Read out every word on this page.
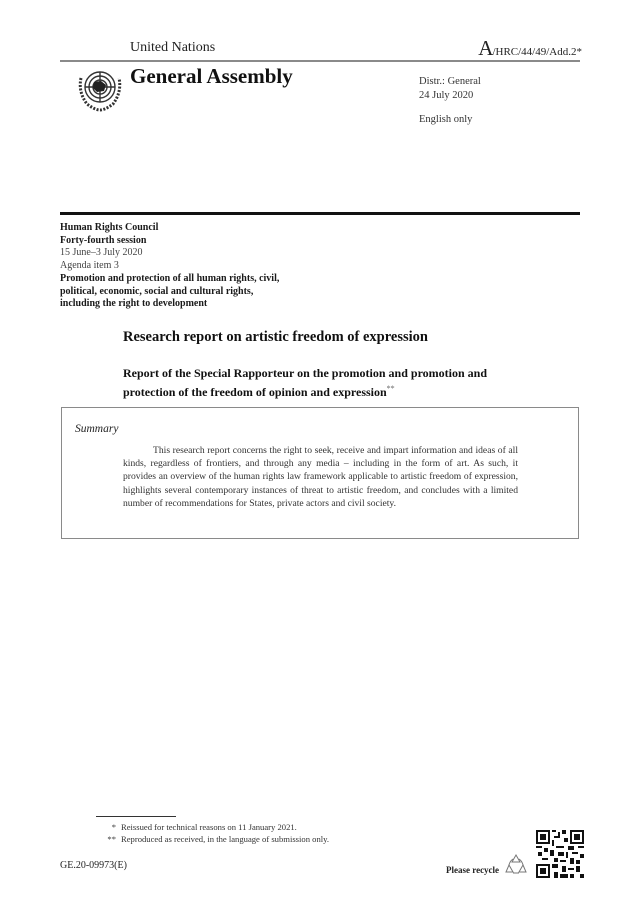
United Nations	A/HRC/44/49/Add.2*
General Assembly	Distr.: General
24 July 2020
English only
Human Rights Council
Forty-fourth session
15 June–3 July 2020
Agenda item 3
Promotion and protection of all human rights, civil,
political, economic, social and cultural rights,
including the right to development
Research report on artistic freedom of expression
Report of the Special Rapporteur on the promotion and promotion and
protection of the freedom of opinion and expression**
Summary
This research report concerns the right to seek, receive and impart information and ideas of all kinds, regardless of frontiers, and through any media – including in the form of art. As such, it provides an overview of the human rights law framework applicable to artistic freedom of expression, highlights several contemporary instances of threat to artistic freedom, and concludes with a limited number of recommendations for States, private actors and civil society.
* Reissued for technical reasons on 11 January 2021.
** Reproduced as received, in the language of submission only.
GE.20-09973(E)	Please recycle
